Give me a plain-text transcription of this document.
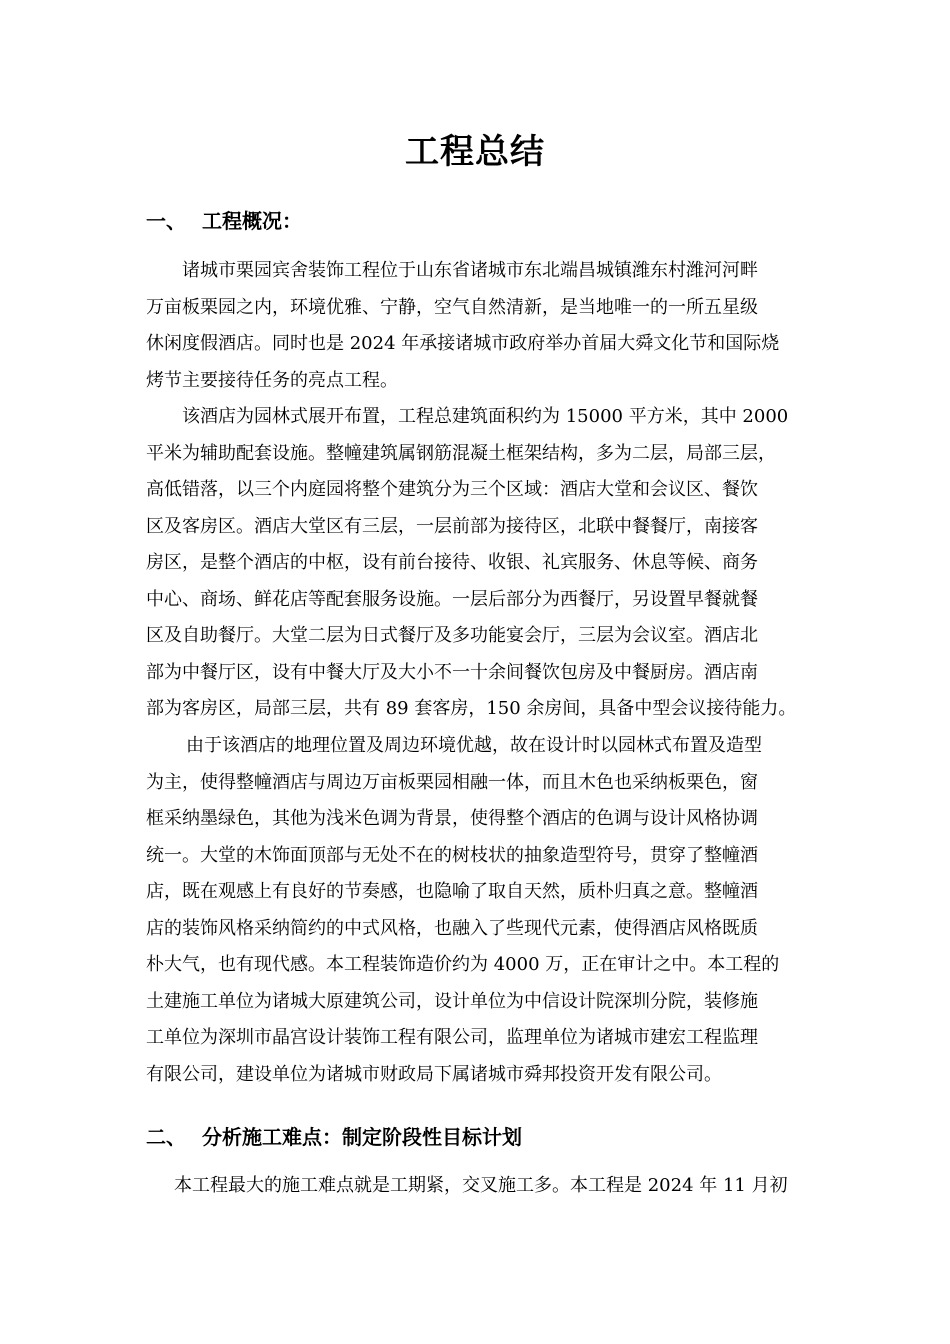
工程总结
一、 工程概况：
诸城市栗园宾舍装饰工程位于山东省诸城市东北端昌城镇潍东村潍河河畔
万亩板栗园之内，环境优雅、宁静，空气自然清新，是当地唯一的一所五星级
休闲度假酒店。同时也是 2024 年承接诸城市政府举办首届大舜文化节和国际烧
烤节主要接待任务的亮点工程。
该酒店为园林式展开布置，工程总建筑面积约为 15000 平方米，其中 2000
平米为辅助配套设施。整幢建筑属钢筋混凝土框架结构，多为二层，局部三层，
高低错落，以三个内庭园将整个建筑分为三个区域：酒店大堂和会议区、餐饮
区及客房区。酒店大堂区有三层，一层前部为接待区，北联中餐餐厅，南接客
房区，是整个酒店的中枢，设有前台接待、收银、礼宾服务、休息等候、商务
中心、商场、鲜花店等配套服务设施。一层后部分为西餐厅，另设置早餐就餐
区及自助餐厅。大堂二层为日式餐厅及多功能宴会厅，三层为会议室。酒店北
部为中餐厅区，设有中餐大厅及大小不一十余间餐饮包房及中餐厨房。酒店南
部为客房区，局部三层，共有 89 套客房，150 余房间，具备中型会议接待能力。
由于该酒店的地理位置及周边环境优越，故在设计时以园林式布置及造型
为主，使得整幢酒店与周边万亩板栗园相融一体，而且木色也采纳板栗色，窗
框采纳墨绿色，其他为浅米色调为背景，使得整个酒店的色调与设计风格协调
统一。大堂的木饰面顶部与无处不在的树枝状的抽象造型符号，贯穿了整幢酒
店，既在观感上有良好的节奏感，也隐喻了取自天然，质朴归真之意。整幢酒
店的装饰风格采纳简约的中式风格，也融入了些现代元素，使得酒店风格既质
朴大气，也有现代感。本工程装饰造价约为 4000 万，正在审计之中。本工程的
土建施工单位为诸城大原建筑公司，设计单位为中信设计院深圳分院，装修施
工单位为深圳市晶宫设计装饰工程有限公司，监理单位为诸城市建宏工程监理
有限公司，建设单位为诸城市财政局下属诸城市舜邦投资开发有限公司。
二、 分析施工难点：制定阶段性目标计划
本工程最大的施工难点就是工期紧，交叉施工多。本工程是 2024 年 11 月初
